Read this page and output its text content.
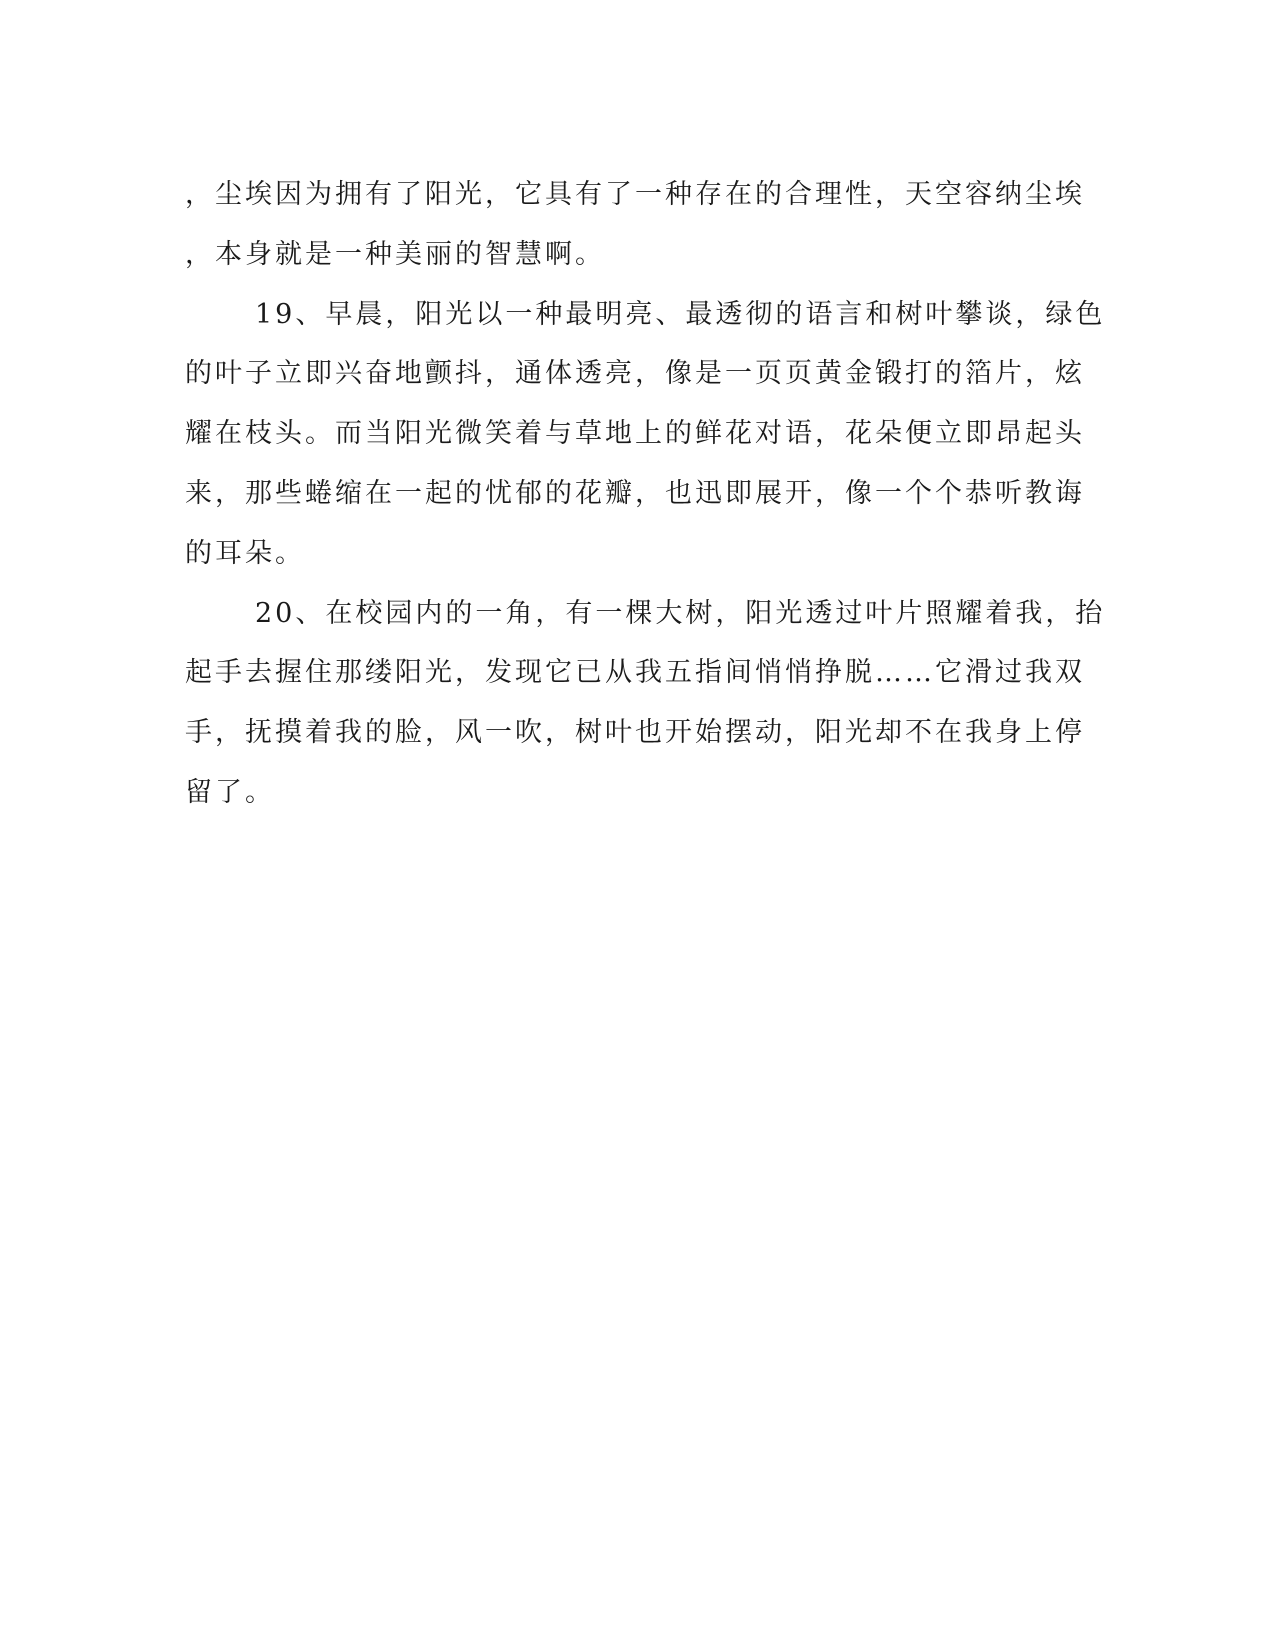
，尘埃因为拥有了阳光，它具有了一种存在的合理性，天空容纳尘埃
，本身就是一种美丽的智慧啊。
19、早晨，阳光以一种最明亮、最透彻的语言和树叶攀谈，绿色
的叶子立即兴奋地颤抖，通体透亮，像是一页页黄金锻打的箔片，炫
耀在枝头。而当阳光微笑着与草地上的鲜花对语，花朵便立即昂起头
来，那些蜷缩在一起的忧郁的花瓣，也迅即展开，像一个个恭听教诲
的耳朵。
20、在校园内的一角，有一棵大树，阳光透过叶片照耀着我，抬
起手去握住那缕阳光，发现它已从我五指间悄悄挣脱……它滑过我双
手，抚摸着我的脸，风一吹，树叶也开始摆动，阳光却不在我身上停
留了。
